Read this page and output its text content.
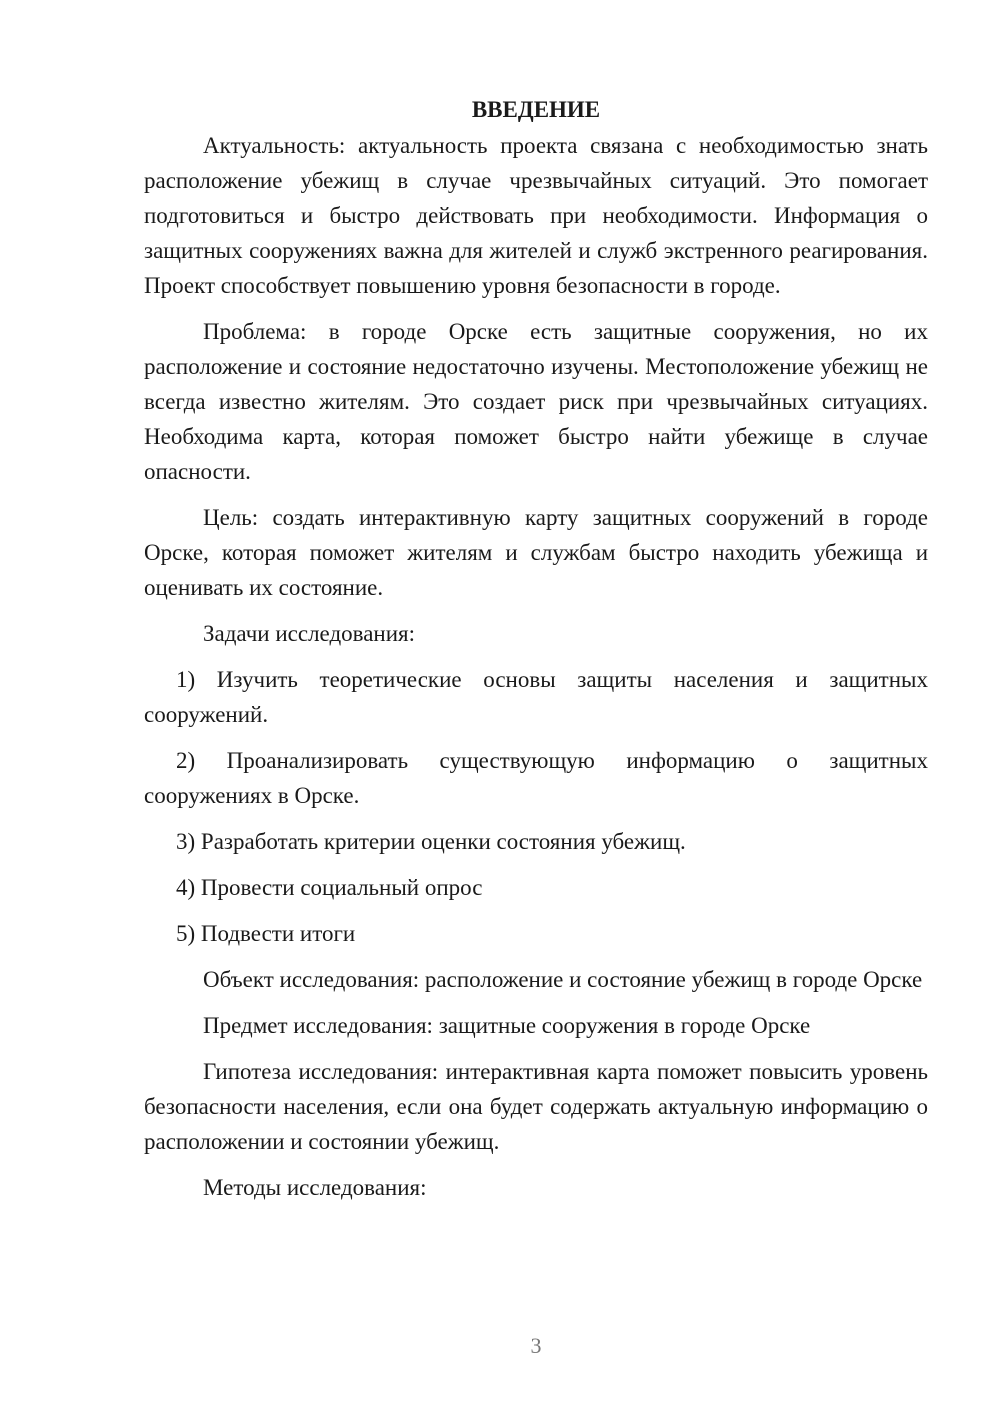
ВВЕДЕНИЕ

Актуальность: актуальность проекта связана с необходимостью знать расположение убежищ в случае чрезвычайных ситуаций. Это помогает подготовиться и быстро действовать при необходимости. Информация о защитных сооружениях важна для жителей и служб экстренного реагирования. Проект способствует повышению уровня безопасности в городе.

Проблема: в городе Орске есть защитные сооружения, но их расположение и состояние недостаточно изучены. Местоположение убежищ не всегда известно жителям. Это создает риск при чрезвычайных ситуациях. Необходима карта, которая поможет быстро найти убежище в случае опасности.

Цель: создать интерактивную карту защитных сооружений в городе Орске, которая поможет жителям и службам быстро находить убежища и оценивать их состояние.

Задачи исследования:

1) Изучить теоретические основы защиты населения и защитных сооружений.

2) Проанализировать существующую информацию о защитных сооружениях в Орске.

3) Разработать критерии оценки состояния убежищ.

4) Провести социальный опрос

5) Подвести итоги

Объект исследования: расположение и состояние убежищ в городе Орске

Предмет исследования: защитные сооружения в городе Орске

Гипотеза исследования: интерактивная карта поможет повысить уровень безопасности населения, если она будет содержать актуальную информацию о расположении и состоянии убежищ.

Методы исследования:

3
